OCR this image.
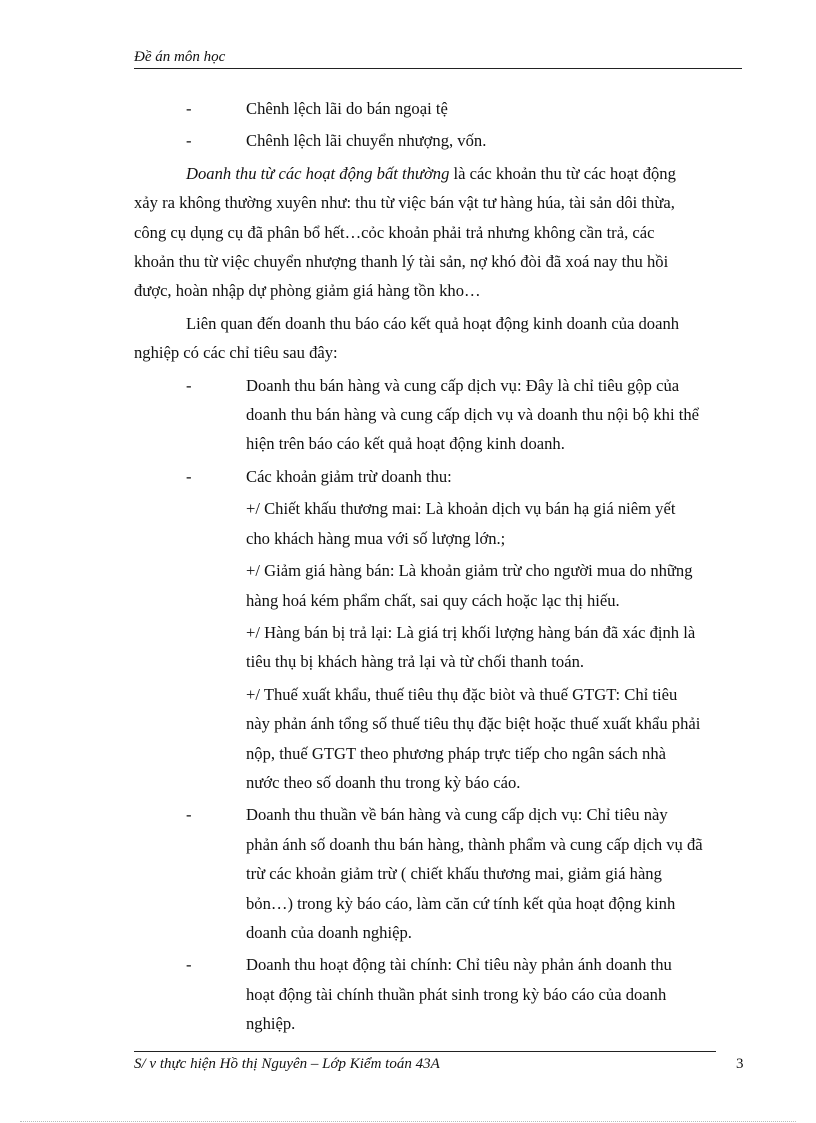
Đề án môn học
-	Chênh lệch lãi do bán ngoại tệ
-	Chênh lệch lãi chuyển nhượng, vốn.
Doanh thu từ các hoạt động bất thường là các khoản thu từ các hoạt động
xảy ra không thường xuyên như: thu từ việc bán vật tư hàng húa, tài sản dôi thừa,
công cụ dụng cụ đã phân bổ hết…cỏc khoản phải trả nhưng không cần trả, các
khoản thu từ việc chuyển nhượng thanh lý tài sản, nợ khó đòi đã xoá nay thu hồi
được, hoàn nhập dự phòng giảm giá hàng tồn kho…
Liên quan đến doanh thu báo cáo kết quả hoạt động kinh doanh của doanh
nghiệp có các chỉ tiêu sau đây:
-	Doanh thu bán hàng và cung cấp dịch vụ: Đây là chỉ tiêu gộp của
doanh thu bán hàng và cung cấp dịch vụ và doanh thu nội bộ khi thể
hiện trên báo cáo kết quả hoạt động kinh doanh.
-	Các khoản giảm trừ doanh thu:
+/ Chiết khấu thương mai: Là khoản dịch vụ bán hạ giá niêm yết
cho khách hàng mua với số lượng lớn.;
+/ Giảm giá hàng bán: Là khoản giảm trừ cho người mua do những
hàng hoá kém phẩm chất, sai quy cách hoặc lạc thị hiếu.
+/ Hàng bán bị trả lại: Là giá trị khối lượng hàng bán đã xác định là
tiêu thụ bị khách hàng trả lại và từ chối thanh toán.
+/ Thuế xuất khẩu, thuế tiêu thụ đặc biòt và thuế GTGT: Chỉ tiêu
này phản ánh tổng số thuế tiêu thụ đặc biệt hoặc thuế xuất khẩu phải
nộp, thuế GTGT theo phương pháp trực tiếp cho ngân sách nhà
nước theo số doanh thu trong kỳ báo cáo.
-	Doanh thu thuần về bán hàng và cung cấp dịch vụ: Chỉ tiêu này
phản ánh số doanh thu bán hàng, thành phẩm và cung cấp dịch vụ đã
trừ các khoản giảm trừ ( chiết khấu thương mai, giảm giá hàng
bỏn…) trong kỳ báo cáo, làm căn cứ tính kết qủa hoạt động kinh
doanh của doanh nghiệp.
-	Doanh thu hoạt động tài chính: Chỉ tiêu này phản ánh doanh thu
hoạt động tài chính thuần phát sinh trong kỳ báo cáo của doanh
nghiệp.
S/ v thực hiện Hồ thị Nguyên – Lớp Kiểm toán 43A	3
